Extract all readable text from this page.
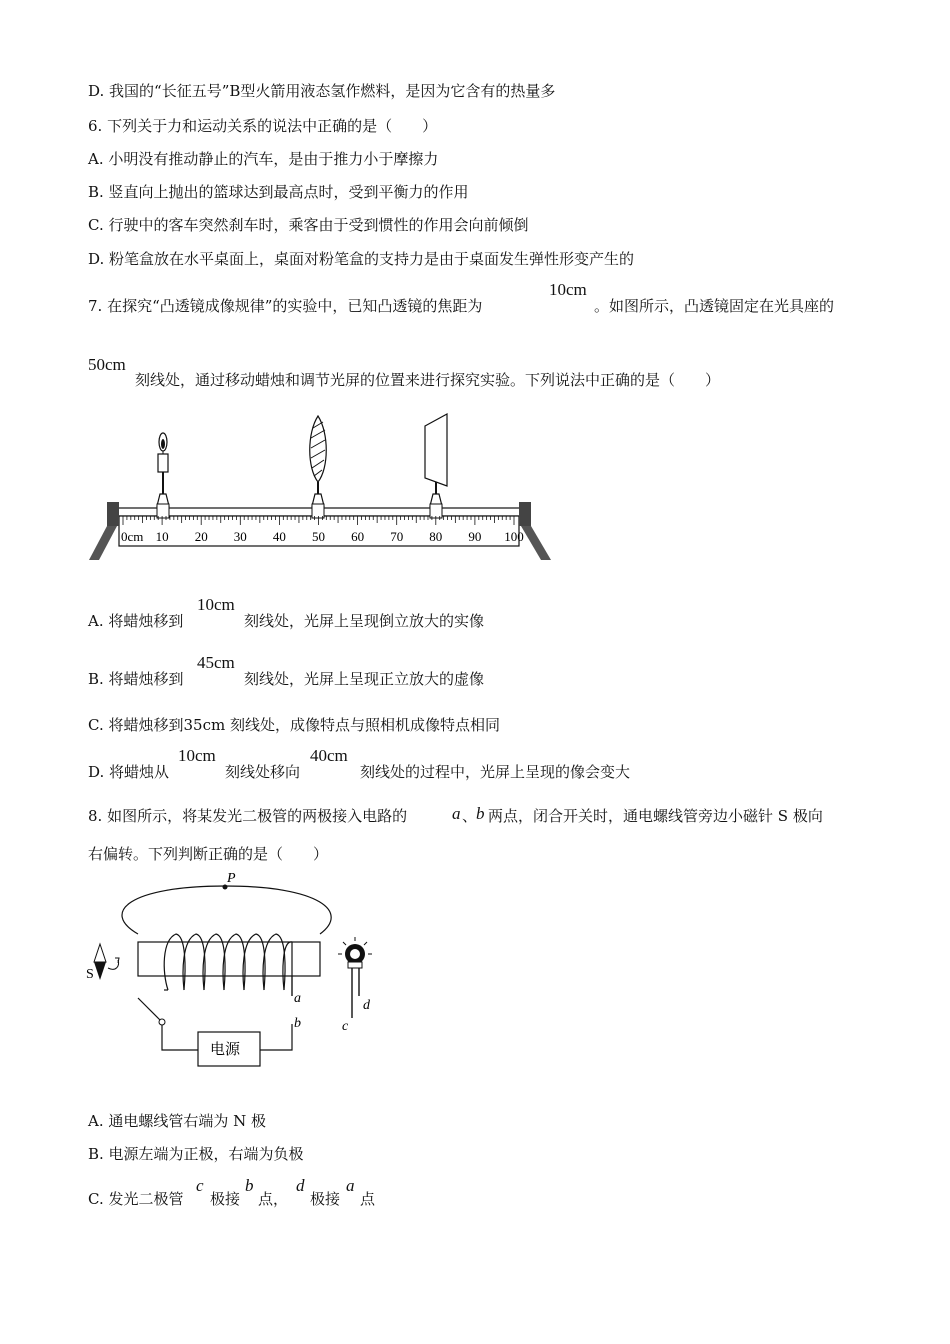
D. 我国的“长征五号”B型火箭用液态氢作燃料，是因为它含有的热量多
6. 下列关于力和运动关系的说法中正确的是（　　）
A. 小明没有推动静止的汽车，是由于推力小于摩擦力
B. 竖直向上抛出的篮球达到最高点时，受到平衡力的作用
C. 行驶中的客车突然刹车时，乘客由于受到惯性的作用会向前倾倒
D. 粉笔盒放在水平桌面上，桌面对粉笔盒的支持力是由于桌面发生弹性形变产生的
7. 在探究“凸透镜成像规律”的实验中，已知凸透镜的焦距为
10cm
。如图所示，凸透镜固定在光具座的
50cm
刻线处，通过移动蜡烛和调节光屏的位置来进行探究实验。下列说法中正确的是（　　）
0cm 10 20 30 40 50 60 70 80 90 100
A. 将蜡烛移到
10cm
刻线处，光屏上呈现倒立放大的实像
B. 将蜡烛移到
45cm
刻线处，光屏上呈现正立放大的虚像
C. 将蜡烛移到35cm 刻线处，成像特点与照相机成像特点相同
D. 将蜡烛从
10cm
刻线处移向
40cm
刻线处的过程中，光屏上呈现的像会变大
8. 如图所示，将某发光二极管的两极接入电路的	a 、
b 两点，闭合开关时，通电螺线管旁边小磁针 S 极向
右偏转。下列判断正确的是（　　）
P
a
S
电源
b
d
c
A. 通电螺线管右端为 N 极
B. 电源左端为正极，右端为负极
C. 发光二极管
c
极接
b
点，
d
极接
a
点
